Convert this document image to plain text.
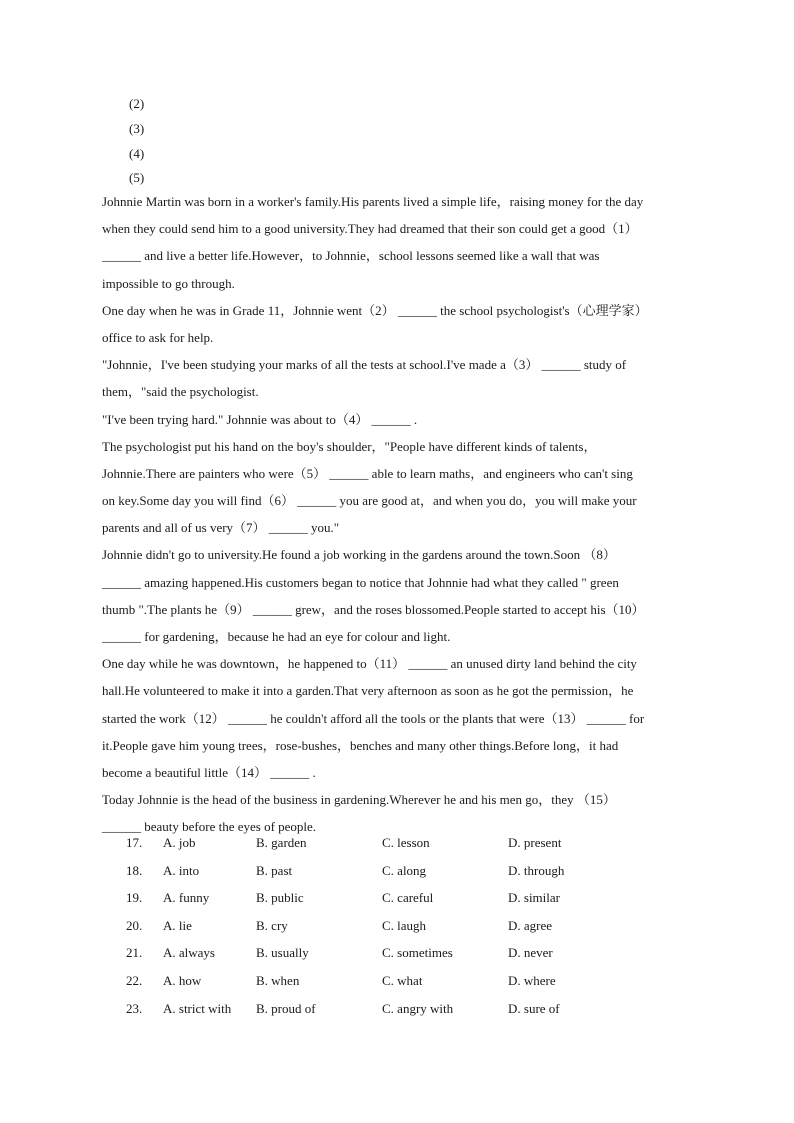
(2)
(3)
(4)
(5)
Johnnie Martin was born in a worker's family.His parents lived a simple life，raising money for the day
when they could send him to a good university.They had dreamed that their son could get a good（1）
______ and live a better life.However，to Johnnie，school lessons seemed like a wall that was
impossible to go through.
One day when he was in Grade 11，Johnnie went（2） ______ the school psychologist's（心理学家）
office to ask for help.
"Johnnie，I've been studying your marks of all the tests at school.I've made a（3） ______ study of
them，"said the psychologist.
"I've been trying hard." Johnnie was about to（4） ______ .
The psychologist put his hand on the boy's shoulder，"People have different kinds of talents，
Johnnie.There are painters who were（5） ______ able to learn maths，and engineers who can't sing
on key.Some day you will find（6） ______ you are good at，and when you do，you will make your
parents and all of us very（7） ______ you."
Johnnie didn't go to university.He found a job working in the gardens around the town.Soon （8）
______ amazing happened.His customers began to notice that Johnnie had what they called " green
thumb ".The plants he（9） ______ grew，and the roses blossomed.People started to accept his（10）
______ for gardening，because he had an eye for colour and light.
One day while he was downtown，he happened to（11） ______ an unused dirty land behind the city
hall.He volunteered to make it into a garden.That very afternoon as soon as he got the permission，he
started the work（12） ______ he couldn't afford all the tools or the plants that were（13） ______ for
it.People gave him young trees，rose-bushes，benches and many other things.Before long，it had
become a beautiful little（14） ______ .
Today Johnnie is the head of the business in gardening.Wherever he and his men go，they （15）
______ beauty before the eyes of people.
17. A. job	B. garden	C. lesson	D. present
18. A. into	B. past	C. along	D. through
19. A. funny	B. public	C. careful	D. similar
20. A. lie	B. cry	C. laugh	D. agree
21. A. always	B. usually	C. sometimes	D. never
22. A. how	B. when	C. what	D. where
23. A. strict with B. proud of	C. angry with	D. sure of
